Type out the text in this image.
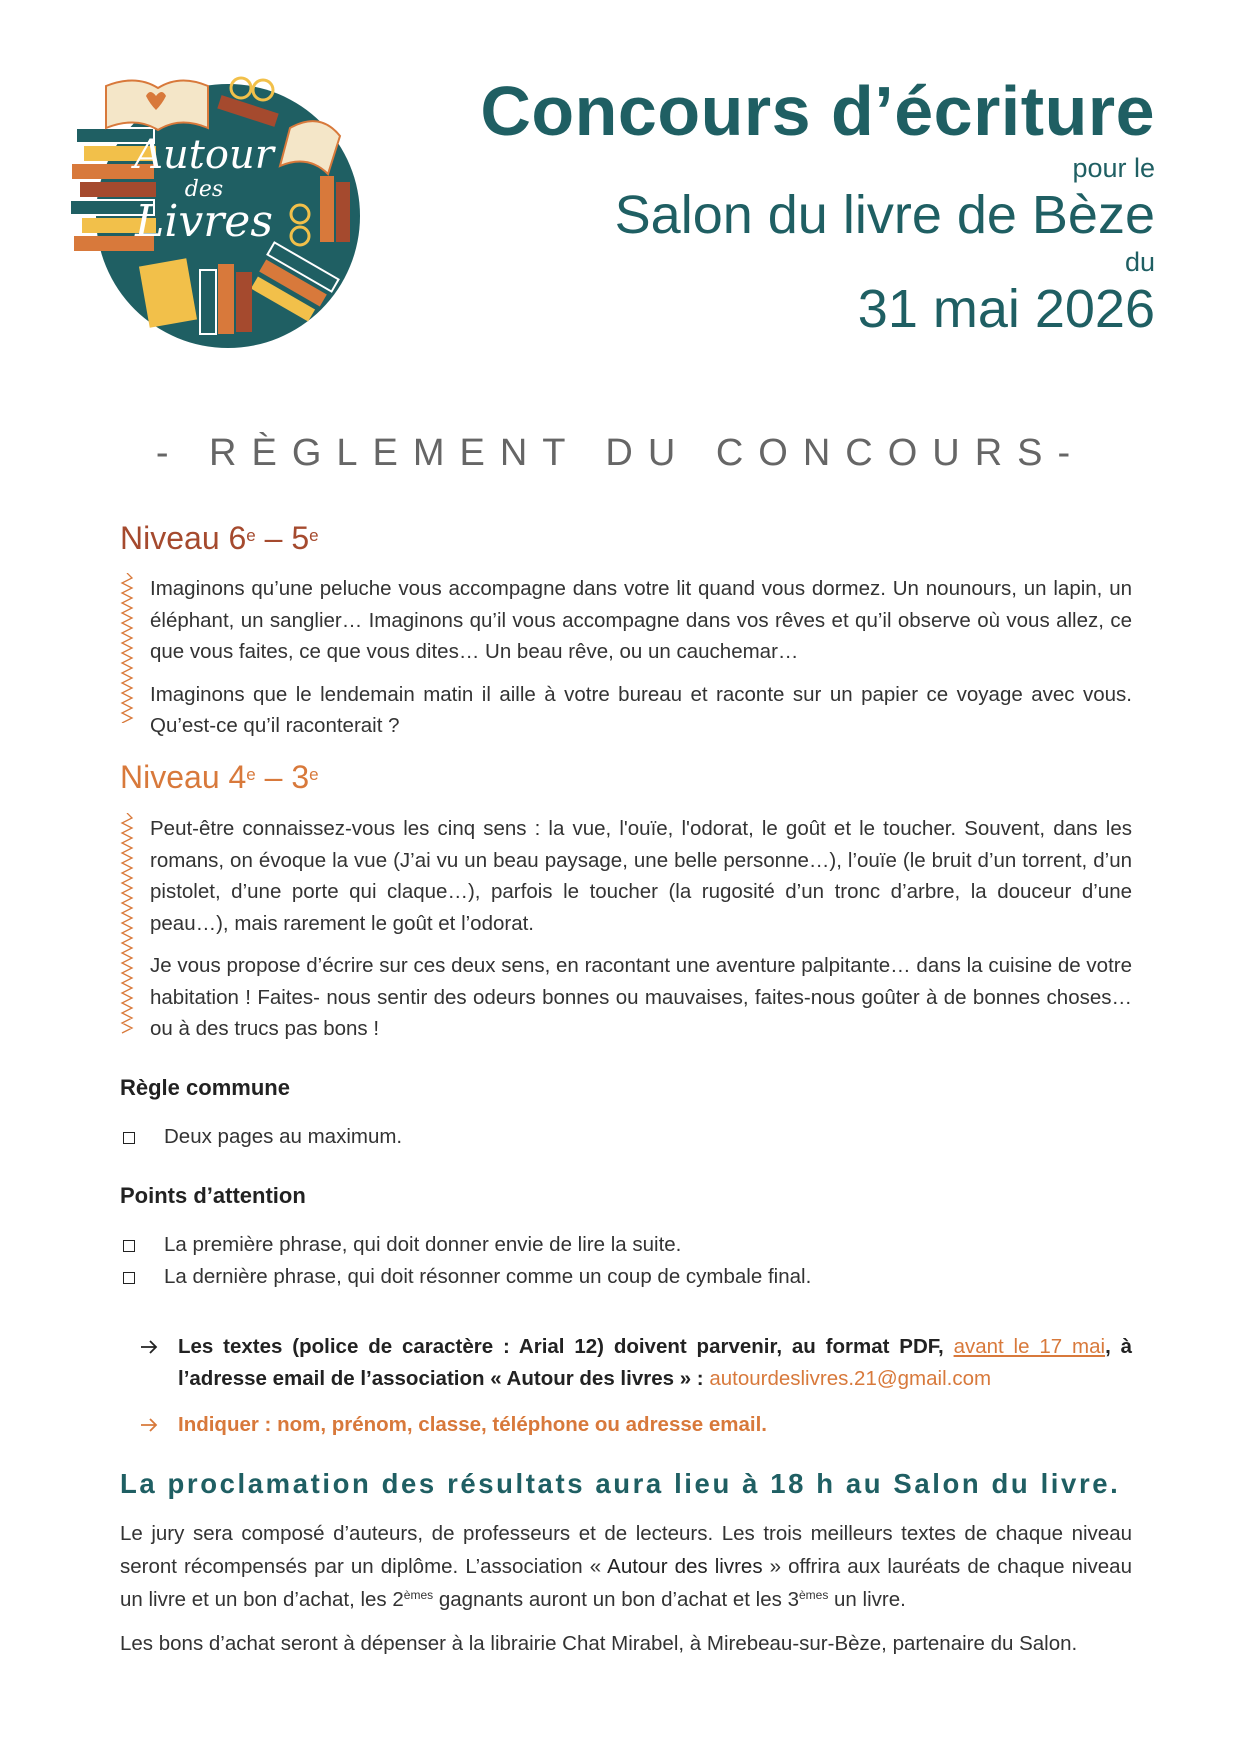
Autour
des
Livres
Concours d’écriture
pour le
Salon du livre de Bèze
du
31 mai 2026
- RÈGLEMENT DU CONCOURS-
Niveau 6e – 5e

Imaginons qu’une peluche vous accompagne dans votre lit quand vous dormez. Un nounours, un lapin, un éléphant, un sanglier… Imaginons qu’il vous accompagne dans vos rêves et qu’il observe où vous allez, ce que vous faites, ce que vous dites… Un beau rêve, ou un cauchemar…

Imaginons que le lendemain matin il aille à votre bureau et raconte sur un papier ce voyage avec vous. Qu’est-ce qu’il raconterait ?

Niveau 4e – 3e

Peut-être connaissez-vous les cinq sens : la vue, l'ouïe, l'odorat, le goût et le toucher. Souvent, dans les romans, on évoque la vue (J’ai vu un beau paysage, une belle personne…), l’ouïe (le bruit d’un torrent, d’un pistolet, d’une porte qui claque…), parfois le toucher (la rugosité d’un tronc d’arbre, la douceur d’une peau…), mais rarement le goût et l’odorat.

Je vous propose d’écrire sur ces deux sens, en racontant une aventure palpitante… dans la cuisine de votre habitation ! Faites- nous sentir des odeurs bonnes ou mauvaises, faites-nous goûter à de bonnes choses… ou à des trucs pas bons !

Règle commune
Deux pages au maximum.
Points d’attention
La première phrase, qui doit donner envie de lire la suite.
La dernière phrase, qui doit résonner comme un coup de cymbale final.
Les textes (police de caractère : Arial 12) doivent parvenir, au format PDF, avant le 17 mai, à l’adresse email de l’association « Autour des livres » : autourdeslivres.21@gmail.com
Indiquer : nom, prénom, classe, téléphone ou adresse email.
La proclamation des résultats aura lieu à 18 h au Salon du livre.

Le jury sera composé d’auteurs, de professeurs et de lecteurs. Les trois meilleurs textes de chaque niveau seront récompensés par un diplôme. L’association « Autour des livres » offrira aux lauréats de chaque niveau un livre et un bon d’achat, les 2èmes gagnants auront un bon d’achat et les 3èmes un livre.

Les bons d’achat seront à dépenser à la librairie Chat Mirabel, à Mirebeau-sur-Bèze, partenaire du Salon.
